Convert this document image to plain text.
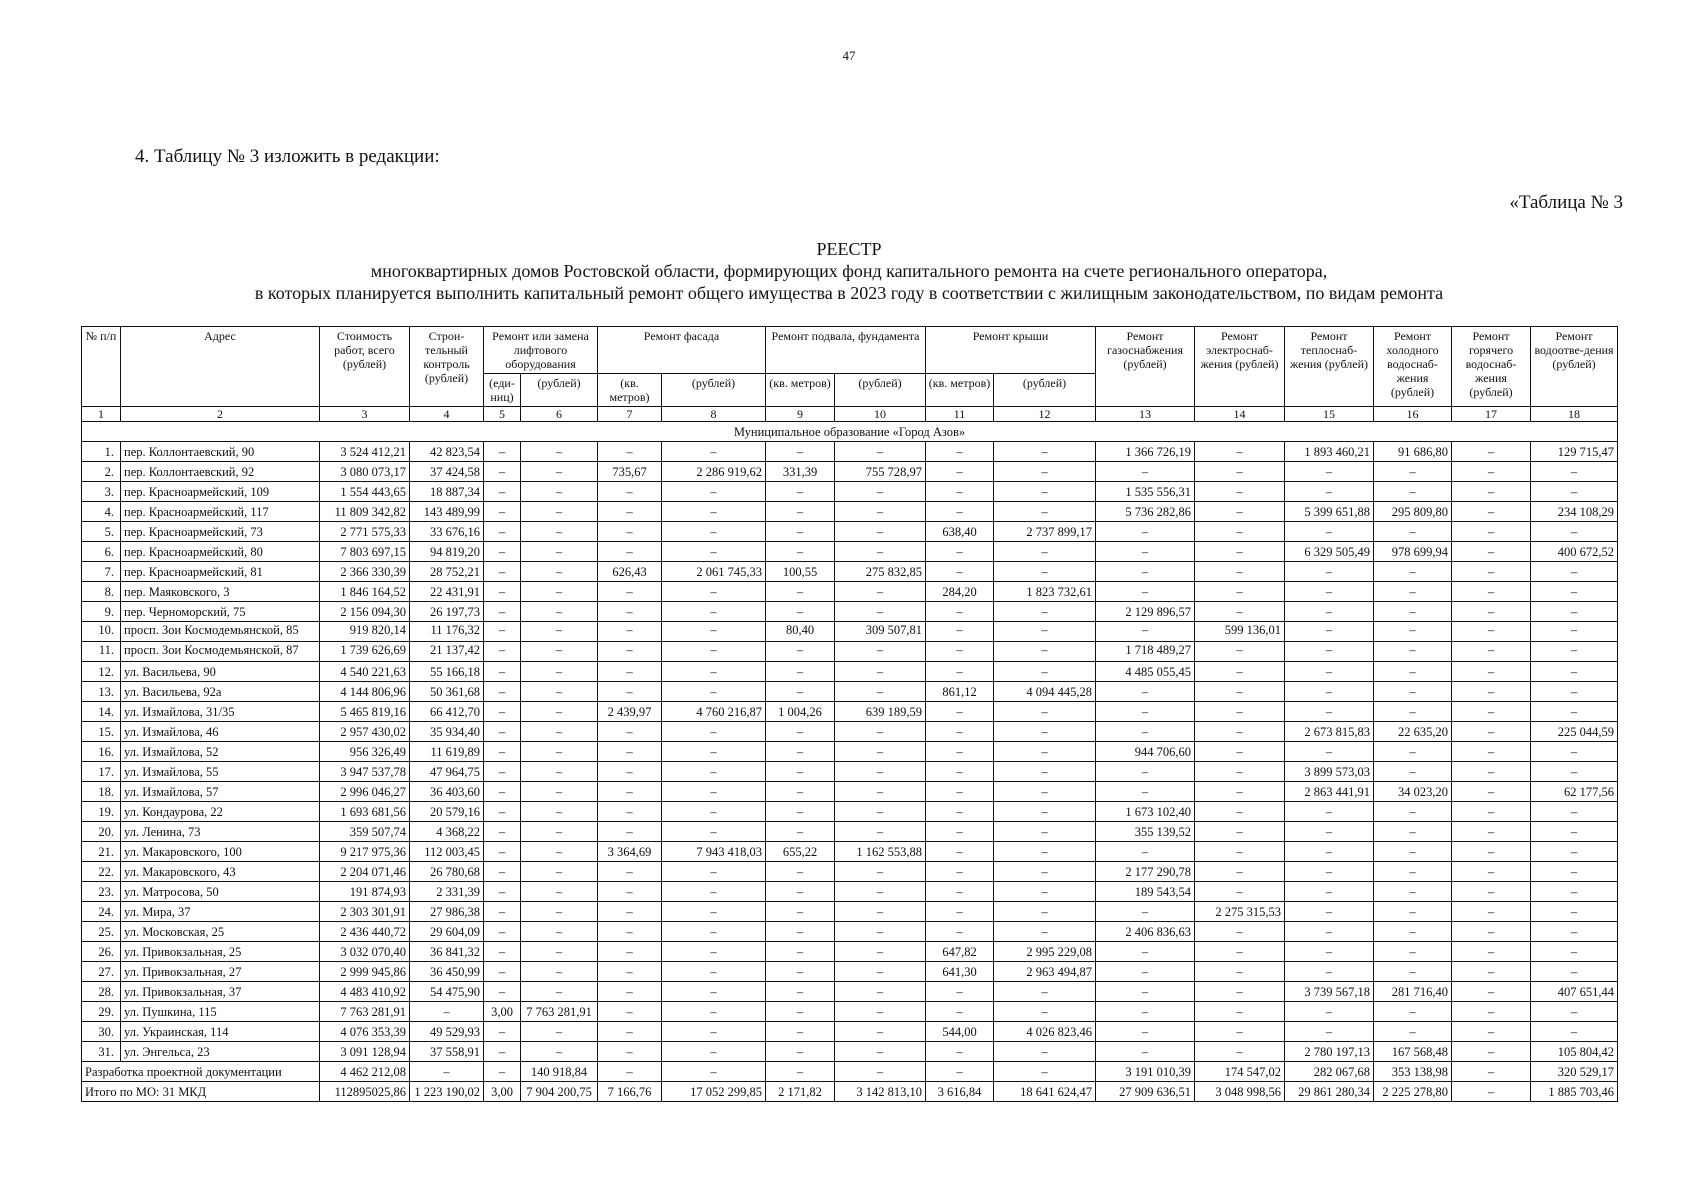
47
4. Таблицу № 3 изложить в редакции:
«Таблица № 3
РЕЕСТР
многоквартирных домов Ростовской области, формирующих фонд капитального ремонта на счете регионального оператора,
в которых планируется выполнить капитальный ремонт общего имущества в 2023 году в соответствии с жилищным законодательством, по видам ремонта
№ п/п	Адрес	Стоимость работ, всего (рублей)	Строи-тельный контроль (рублей)	Ремонт или замена лифтового оборудования		Ремонт фасада		Ремонт подвала, фундамента		Ремонт крыши		Ремонт газоснабжения (рублей)	Ремонт электроснаб-жения (рублей)	Ремонт теплоснаб-жения (рублей)	Ремонт холодного водоснаб-жения (рублей)	Ремонт горячего водоснаб-жения (рублей)	Ремонт водоотве-дения (рублей)
				(еди-ниц)	(рублей)	(кв. метров)	(рублей)	(кв. метров)	(рублей)	(кв. метров)	(рублей)						
1	2	3	4	5	6	7	8	9	10	11	12	13	14	15	16	17	18
Муниципальное образование «Город Азов»																	
1.	пер. Коллонтаевский, 90	3 524 412,21	42 823,54	–	–	–	–	–	–	–	–	1 366 726,19	–	1 893 460,21	91 686,80	–	129 715,47
2.	пер. Коллонтаевский, 92	3 080 073,17	37 424,58	–	–	735,67	2 286 919,62	331,39	755 728,97	–	–	–	–	–	–	–	–
3.	пер. Красноармейский, 109	1 554 443,65	18 887,34	–	–	–	–	–	–	–	–	1 535 556,31	–	–	–	–	–
4.	пер. Красноармейский, 117	11 809 342,82	143 489,99	–	–	–	–	–	–	–	–	5 736 282,86	–	5 399 651,88	295 809,80	–	234 108,29
5.	пер. Красноармейский, 73	2 771 575,33	33 676,16	–	–	–	–	–	–	638,40	2 737 899,17	–	–	–	–	–	–
6.	пер. Красноармейский, 80	7 803 697,15	94 819,20	–	–	–	–	–	–	–	–	–	–	6 329 505,49	978 699,94	–	400 672,52
7.	пер. Красноармейский, 81	2 366 330,39	28 752,21	–	–	626,43	2 061 745,33	100,55	275 832,85	–	–	–	–	–	–	–	–
8.	пер. Маяковского, 3	1 846 164,52	22 431,91	–	–	–	–	–	–	284,20	1 823 732,61	–	–	–	–	–	–
9.	пер. Черноморский, 75	2 156 094,30	26 197,73	–	–	–	–	–	–	–	–	2 129 896,57	–	–	–	–	–
10.	просп. Зои Космодемьянской, 85	919 820,14	11 176,32	–	–	–	–	80,40	309 507,81	–	–	–	599 136,01	–	–	–	–
11.	просп. Зои Космодемьянской, 87	1 739 626,69	21 137,42	–	–	–	–	–	–	–	–	1 718 489,27	–	–	–	–	–
12.	ул. Васильева, 90	4 540 221,63	55 166,18	–	–	–	–	–	–	–	–	4 485 055,45	–	–	–	–	–
13.	ул. Васильева, 92а	4 144 806,96	50 361,68	–	–	–	–	–	–	861,12	4 094 445,28	–	–	–	–	–	–
14.	ул. Измайлова, 31/35	5 465 819,16	66 412,70	–	–	2 439,97	4 760 216,87	1 004,26	639 189,59	–	–	–	–	–	–	–	–
15.	ул. Измайлова, 46	2 957 430,02	35 934,40	–	–	–	–	–	–	–	–	–	–	2 673 815,83	22 635,20	–	225 044,59
16.	ул. Измайлова, 52	956 326,49	11 619,89	–	–	–	–	–	–	–	–	944 706,60	–	–	–	–	–
17.	ул. Измайлова, 55	3 947 537,78	47 964,75	–	–	–	–	–	–	–	–	–	–	3 899 573,03	–	–	–
18.	ул. Измайлова, 57	2 996 046,27	36 403,60	–	–	–	–	–	–	–	–	–	–	2 863 441,91	34 023,20	–	62 177,56
19.	ул. Кондаурова, 22	1 693 681,56	20 579,16	–	–	–	–	–	–	–	–	1 673 102,40	–	–	–	–	–
20.	ул. Ленина, 73	359 507,74	4 368,22	–	–	–	–	–	–	–	–	355 139,52	–	–	–	–	–
21.	ул. Макаровского, 100	9 217 975,36	112 003,45	–	–	3 364,69	7 943 418,03	655,22	1 162 553,88	–	–	–	–	–	–	–	–
22.	ул. Макаровского, 43	2 204 071,46	26 780,68	–	–	–	–	–	–	–	–	2 177 290,78	–	–	–	–	–
23.	ул. Матросова, 50	191 874,93	2 331,39	–	–	–	–	–	–	–	–	189 543,54	–	–	–	–	–
24.	ул. Мира, 37	2 303 301,91	27 986,38	–	–	–	–	–	–	–	–	–	2 275 315,53	–	–	–	–
25.	ул. Московская, 25	2 436 440,72	29 604,09	–	–	–	–	–	–	–	–	2 406 836,63	–	–	–	–	–
26.	ул. Привокзальная, 25	3 032 070,40	36 841,32	–	–	–	–	–	–	647,82	2 995 229,08	–	–	–	–	–	–
27.	ул. Привокзальная, 27	2 999 945,86	36 450,99	–	–	–	–	–	–	641,30	2 963 494,87	–	–	–	–	–	–
28.	ул. Привокзальная, 37	4 483 410,92	54 475,90	–	–	–	–	–	–	–	–	–	–	3 739 567,18	281 716,40	–	407 651,44
29.	ул. Пушкина, 115	7 763 281,91	–	3,00	7 763 281,91	–	–	–	–	–	–	–	–	–	–	–	–
30.	ул. Украинская, 114	4 076 353,39	49 529,93	–	–	–	–	–	–	544,00	4 026 823,46	–	–	–	–	–	–
31.	ул. Энгельса, 23	3 091 128,94	37 558,91	–	–	–	–	–	–	–	–	–	–	2 780 197,13	167 568,48	–	105 804,42
Разработка проектной документации		4 462 212,08	–	–	140 918,84	–	–	–	–	–	–	3 191 010,39	174 547,02	282 067,68	353 138,98	–	320 529,17
Итого по МО: 31 МКД		112895025,86	1 223 190,02	3,00	7 904 200,75	7 166,76	17 052 299,85	2 171,82	3 142 813,10	3 616,84	18 641 624,47	27 909 636,51	3 048 998,56	29 861 280,34	2 225 278,80	–	1 885 703,46
